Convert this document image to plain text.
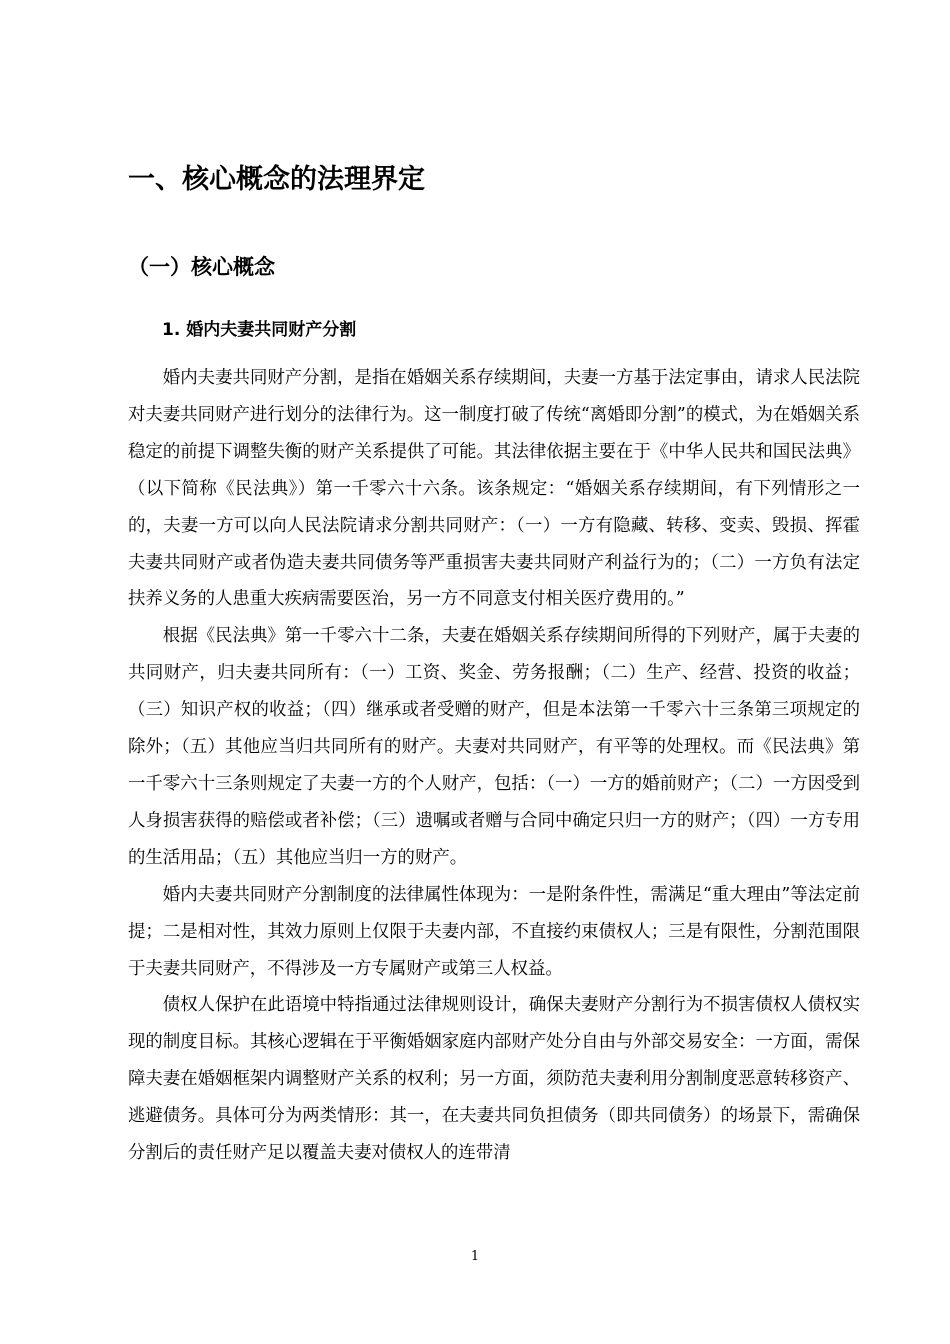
一、核心概念的法理界定
（一）核心概念
1. 婚内夫妻共同财产分割

婚内夫妻共同财产分割，是指在婚姻关系存续期间，夫妻一方基于法定事由，请求人民法院对夫妻共同财产进行划分的法律行为。这一制度打破了传统“离婚即分割”的模式，为在婚姻关系稳定的前提下调整失衡的财产关系提供了可能。其法律依据主要在于《中华人民共和国民法典》（以下简称《民法典》）第一千零六十六条。该条规定：“婚姻关系存续期间，有下列情形之一的，夫妻一方可以向人民法院请求分割共同财产：（一）一方有隐藏、转移、变卖、毁损、挥霍夫妻共同财产或者伪造夫妻共同债务等严重损害夫妻共同财产利益行为的；（二）一方负有法定扶养义务的人患重大疾病需要医治，另一方不同意支付相关医疗费用的。”

根据《民法典》第一千零六十二条，夫妻在婚姻关系存续期间所得的下列财产，属于夫妻的共同财产，归夫妻共同所有：（一）工资、奖金、劳务报酬；（二）生产、经营、投资的收益；（三）知识产权的收益；（四）继承或者受赠的财产，但是本法第一千零六十三条第三项规定的除外；（五）其他应当归共同所有的财产。夫妻对共同财产，有平等的处理权。而《民法典》第一千零六十三条则规定了夫妻一方的个人财产，包括：（一）一方的婚前财产；（二）一方因受到人身损害获得的赔偿或者补偿；（三）遗嘱或者赠与合同中确定只归一方的财产；（四）一方专用的生活用品；（五）其他应当归一方的财产。

婚内夫妻共同财产分割制度的法律属性体现为：一是附条件性，需满足“重大理由”等法定前提；二是相对性，其效力原则上仅限于夫妻内部，不直接约束债权人；三是有限性，分割范围限于夫妻共同财产，不得涉及一方专属财产或第三人权益。

债权人保护在此语境中特指通过法律规则设计，确保夫妻财产分割行为不损害债权人债权实现的制度目标。其核心逻辑在于平衡婚姻家庭内部财产处分自由与外部交易安全：一方面，需保障夫妻在婚姻框架内调整财产关系的权利；另一方面，须防范夫妻利用分割制度恶意转移资产、逃避债务。具体可分为两类情形：其一，在夫妻共同负担债务（即共同债务）的场景下，需确保分割后的责任财产足以覆盖夫妻对债权人的连带清

1
